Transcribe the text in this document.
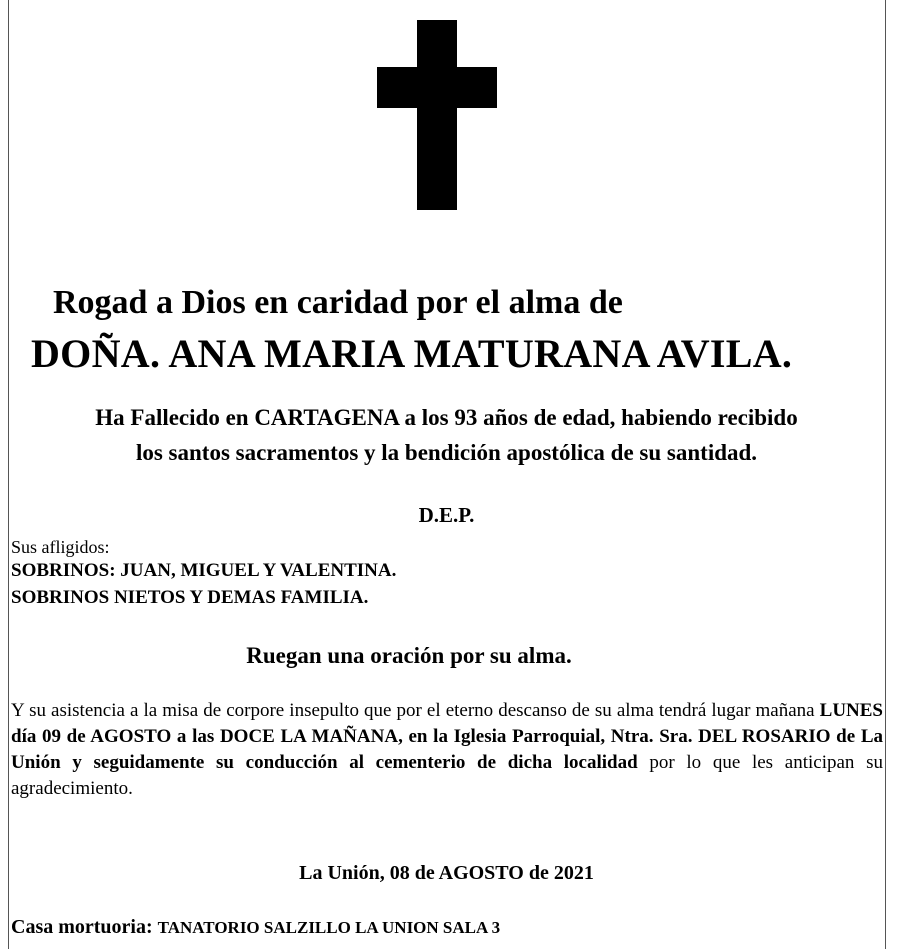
Rogad a Dios en caridad por el alma de
DOÑA. ANA MARIA MATURANA AVILA.
Ha Fallecido en CARTAGENA a los 93 años de edad, habiendo recibido
los santos sacramentos y la bendición apostólica de su santidad.
D.E.P.
Sus afligidos:
SOBRINOS: JUAN, MIGUEL Y VALENTINA.
SOBRINOS NIETOS Y DEMAS FAMILIA.
Ruegan una oración por su alma.
Y su asistencia a la misa de corpore insepulto que por el eterno descanso de su alma tendrá lugar mañana LUNES día 09 de AGOSTO a las DOCE LA MAÑANA, en la Iglesia Parroquial, Ntra. Sra. DEL ROSARIO de La Unión y seguidamente su conducción al cementerio de dicha localidad por lo que les anticipan su agradecimiento.
La Unión, 08 de AGOSTO de 2021
Casa mortuoria: TANATORIO SALZILLO LA UNION SALA 3
